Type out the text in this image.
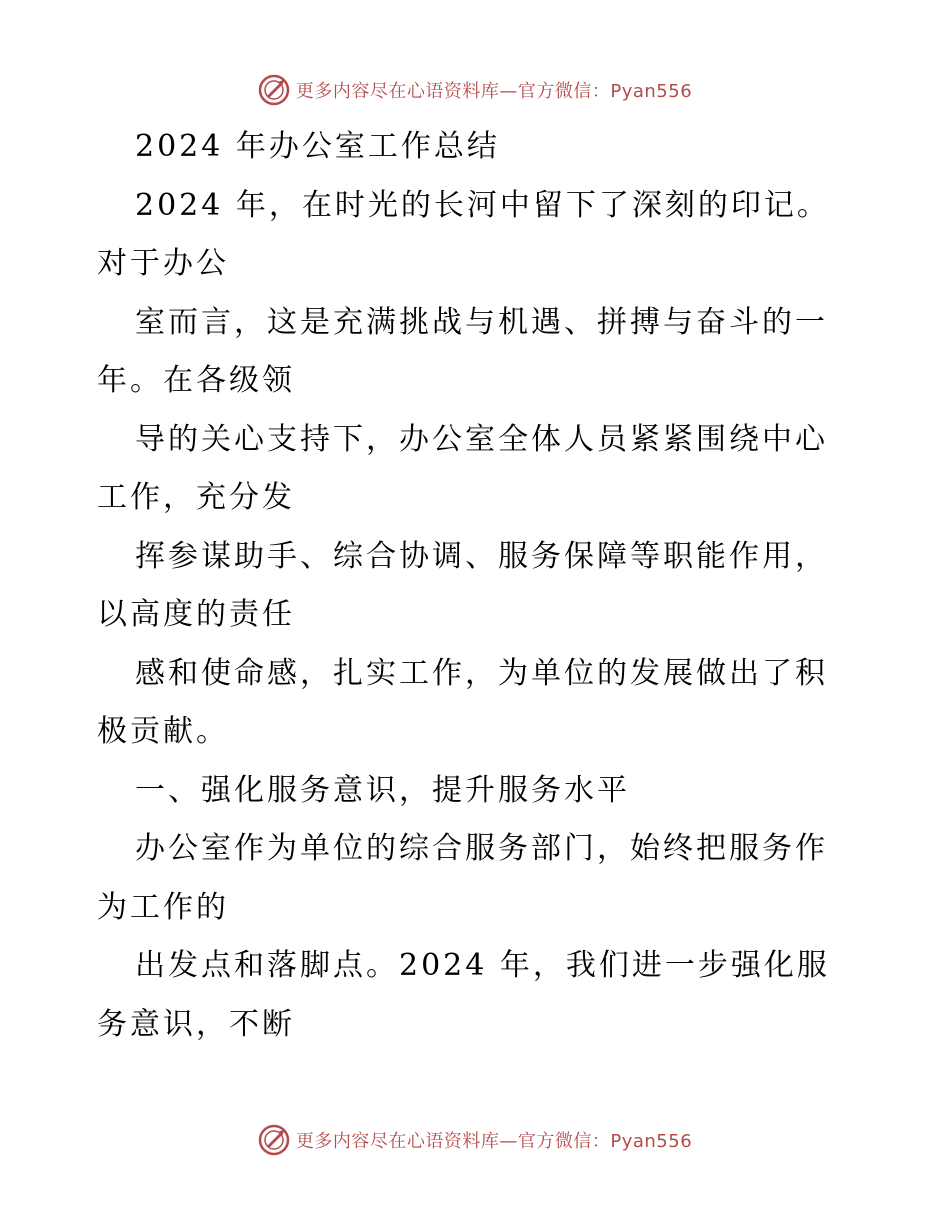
更多内容尽在心语资料库—官方微信：Pyan556
2024 年办公室工作总结
2024 年，在时光的长河中留下了深刻的印记。
对于办公
室而言，这是充满挑战与机遇、拼搏与奋斗的一
年。在各级领
导的关心支持下，办公室全体人员紧紧围绕中心
工作，充分发
挥参谋助手、综合协调、服务保障等职能作用，
以高度的责任
感和使命感，扎实工作，为单位的发展做出了积
极贡献。
一、强化服务意识，提升服务水平
办公室作为单位的综合服务部门，始终把服务作
为工作的
出发点和落脚点。2024 年，我们进一步强化服
务意识，不断
更多内容尽在心语资料库—官方微信：Pyan556
